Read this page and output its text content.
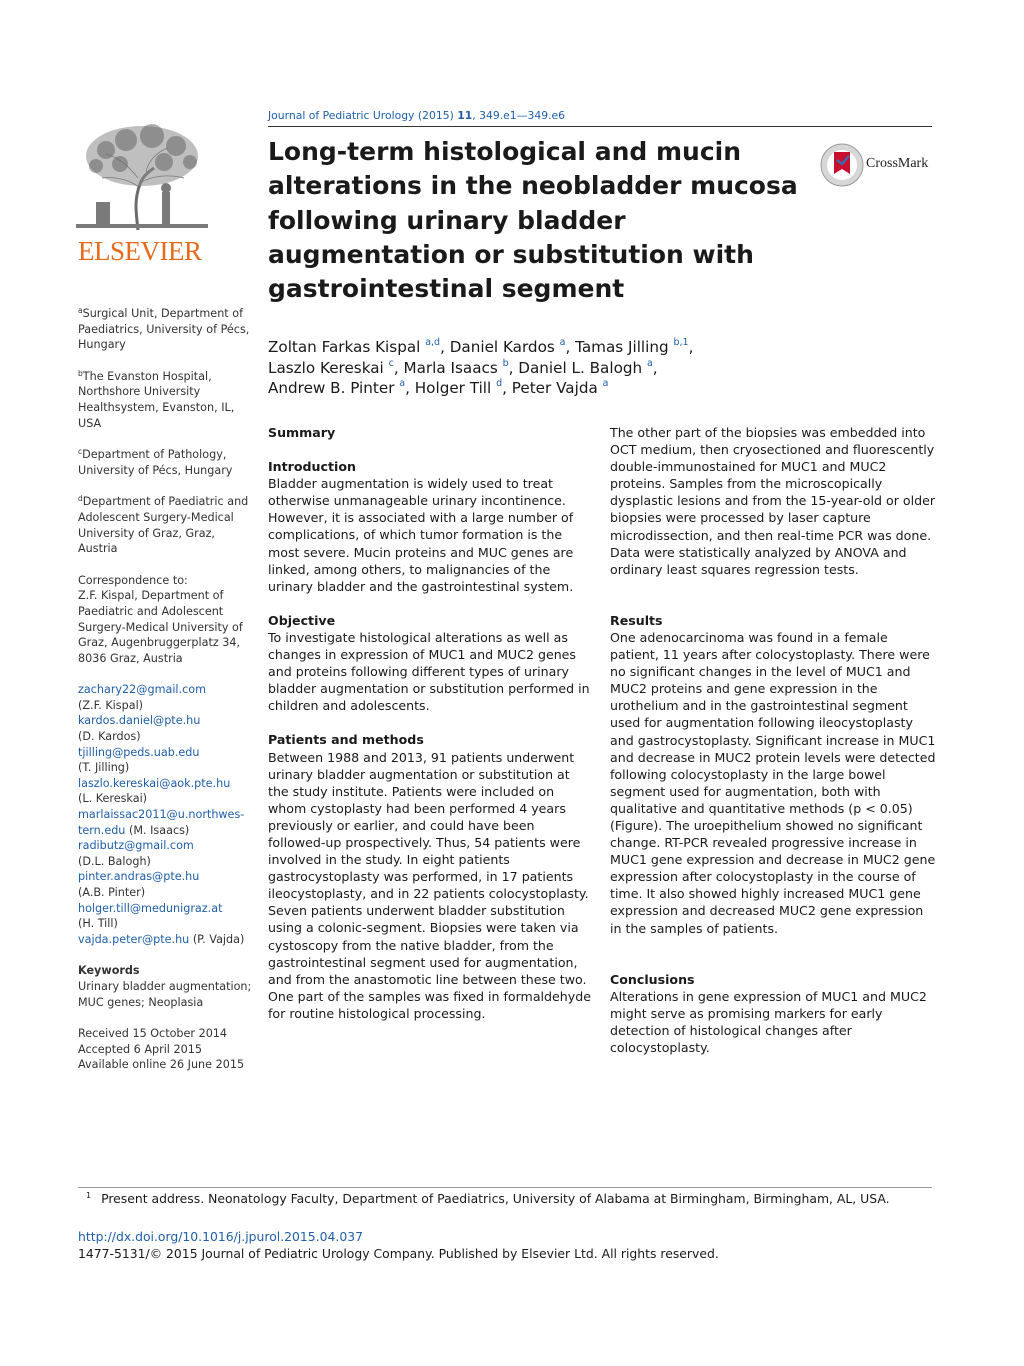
ELSEVIER

$^a$Surgical Unit, Department of Paediatrics, University of Pécs, Hungary

$^b$The Evanston Hospital, Northshore University Healthsystem, Evanston, IL, USA

$^c$Department of Pathology, University of Pécs, Hungary

$^d$Department of Paediatric and Adolescent Surgery-Medical University of Graz, Graz, Austria

Correspondence to:
Z.F. Kispal, Department of Paediatric and Adolescent Surgery-Medical University of Graz, Augenbruggerplatz 34, 8036 Graz, Austria

zachary22@gmail.com
(Z.F. Kispal)
kardos.daniel@pte.hu
(D. Kardos)
tjilling@peds.uab.edu
(T. Jilling)
laszlo.kereskai@aok.pte.hu
(L. Kereskai)
marlaissac2011@u.northwes-
tern.edu (M. Isaacs)
radibutz@gmail.com
(D.L. Balogh)
pinter.andras@pte.hu
(A.B. Pinter)
holger.till@medunigraz.at
(H. Till)
vajda.peter@pte.hu (P. Vajda)

Keywords
Urinary bladder augmentation; MUC genes; Neoplasia

Received 15 October 2014
Accepted 6 April 2015
Available online 26 June 2015

Journal of Pediatric Urology (2015) 11, 349.e1—349.e6
Long-term histological and mucin alterations in the neobladder mucosa following urinary bladder augmentation or substitution with gastrointestinal segment
CrossMark
Zoltan Farkas Kispal $^{a,d}$, Daniel Kardos $^a$, Tamas Jilling $^{b,1}$,
Laszlo Kereskai $^c$, Marla Isaacs $^b$, Daniel L. Balogh $^a$,
Andrew B. Pinter $^a$, Holger Till $^d$, Peter Vajda $^a$

Summary

Introduction

Bladder augmentation is widely used to treat otherwise unmanageable urinary incontinence. However, it is associated with a large number of complications, of which tumor formation is the most severe. Mucin proteins and MUC genes are linked, among others, to malignancies of the urinary bladder and the gastrointestinal system.

Objective

To investigate histological alterations as well as changes in expression of MUC1 and MUC2 genes and proteins following different types of urinary bladder augmentation or substitution performed in children and adolescents.

Patients and methods

Between 1988 and 2013, 91 patients underwent urinary bladder augmentation or substitution at the study institute. Patients were included on whom cystoplasty had been performed 4 years previously or earlier, and could have been followed-up prospectively. Thus, 54 patients were involved in the study. In eight patients gastrocystoplasty was performed, in 17 patients ileocystoplasty, and in 22 patients colocystoplasty. Seven patients underwent bladder substitution using a colonic-segment. Biopsies were taken via cystoscopy from the native bladder, from the gastrointestinal segment used for augmentation, and from the anastomotic line between these two. One part of the samples was fixed in formaldehyde for routine histological processing.

The other part of the biopsies was embedded into OCT medium, then cryosectioned and fluorescently double-immunostained for MUC1 and MUC2 proteins. Samples from the microscopically dysplastic lesions and from the 15-year-old or older biopsies were processed by laser capture microdissection, and then real-time PCR was done. Data were statistically analyzed by ANOVA and ordinary least squares regression tests.

Results

One adenocarcinoma was found in a female patient, 11 years after colocystoplasty. There were no significant changes in the level of MUC1 and MUC2 proteins and gene expression in the urothelium and in the gastrointestinal segment used for augmentation following ileocystoplasty and gastrocystoplasty. Significant increase in MUC1 and decrease in MUC2 protein levels were detected following colocystoplasty in the large bowel segment used for augmentation, both with qualitative and quantitative methods (p < 0.05) (Figure). The uroepithelium showed no significant change. RT-PCR revealed progressive increase in MUC1 gene expression and decrease in MUC2 gene expression after colocystoplasty in the course of time. It also showed highly increased MUC1 gene expression and decreased MUC2 gene expression in the samples of patients.

Conclusions

Alterations in gene expression of MUC1 and MUC2 might serve as promising markers for early detection of histological changes after colocystoplasty.

$^1$ Present address. Neonatology Faculty, Department of Paediatrics, University of Alabama at Birmingham, Birmingham, AL, USA.
http://dx.doi.org/10.1016/j.jpurol.2015.04.037
1477-5131/© 2015 Journal of Pediatric Urology Company. Published by Elsevier Ltd. All rights reserved.
